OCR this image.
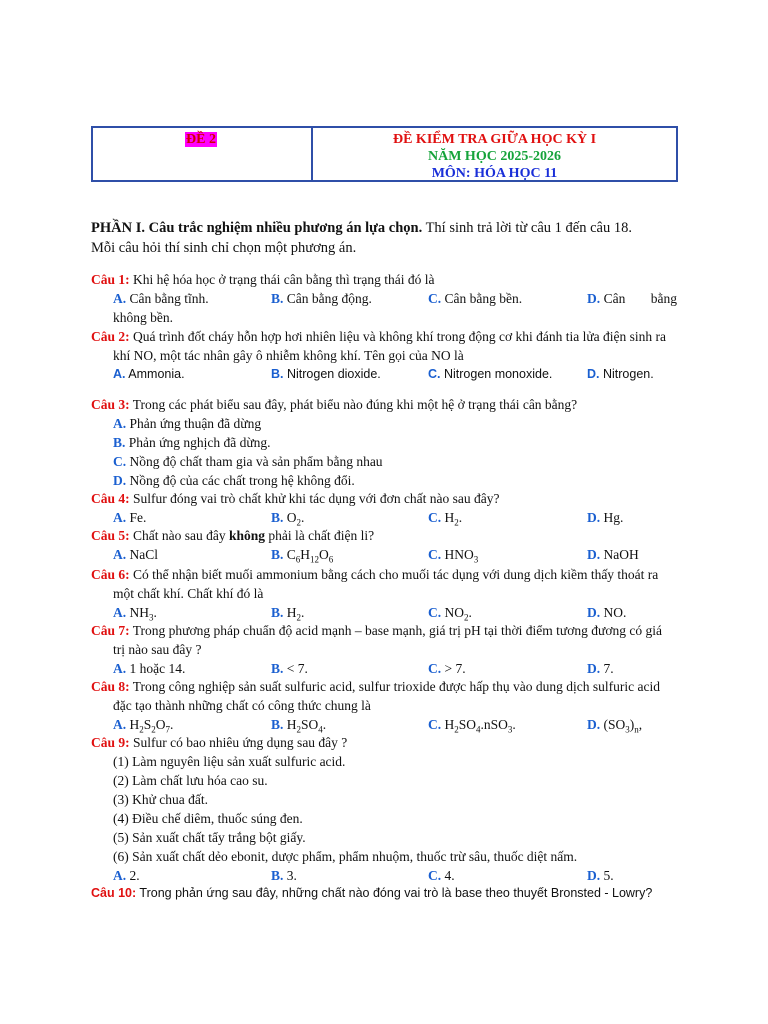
ĐỀ 2	ĐỀ KIỂM TRA GIỮA HỌC KỲ I
NĂM HỌC 2025-2026
MÔN: HÓA HỌC 11
PHẦN I. Câu trắc nghiệm nhiều phương án lựa chọn. Thí sinh trả lời từ câu 1 đến câu 18.
Mỗi câu hỏi thí sinh chỉ chọn một phương án.
Câu 1: Khi hệ hóa học ở trạng thái cân bằng thì trạng thái đó là
A. Cân bằng tĩnh.	B. Cân bằng động.	C. Cân bằng bền.	D. Cân bằng
không bền.
Câu 2: Quá trình đốt cháy hỗn hợp hơi nhiên liệu và không khí trong động cơ khi đánh tia lửa điện sinh ra
khí NO, một tác nhân gây ô nhiễm không khí. Tên gọi của NO là
A. Ammonia.	B. Nitrogen dioxide.	C. Nitrogen monoxide.	D. Nitrogen.
Câu 3: Trong các phát biểu sau đây, phát biểu nào đúng khi một hệ ở trạng thái cân bằng?
A. Phản ứng thuận đã dừng
B. Phản ứng nghịch đã dừng.
C. Nồng độ chất tham gia và sản phẩm bằng nhau
D. Nồng độ của các chất trong hệ không đổi.
Câu 4: Sulfur đóng vai trò chất khử khi tác dụng với đơn chất nào sau đây?
A. Fe.	B. $O_2$.	C. $H_2$.	D. Hg.
Câu 5: Chất nào sau đây không phải là chất điện li?
A. NaCl	B. $C_6H_{12}O_6$	C. $HNO_3$	D. NaOH
Câu 6: Có thể nhận biết muối ammonium bằng cách cho muối tác dụng với dung dịch kiềm thấy thoát ra
một chất khí. Chất khí đó là
A. $NH_3$.	B. $H_2$.	C. $NO_2$.	D. NO.
Câu 7: Trong phương pháp chuẩn độ acid mạnh – base mạnh, giá trị pH tại thời điểm tương đương có giá
trị nào sau đây ?
A. 1 hoặc 14.	B. < 7.	C. > 7.	D. 7.
Câu 8: Trong công nghiệp sản suất sulfuric acid, sulfur trioxide được hấp thụ vào dung dịch sulfuric acid
đặc tạo thành những chất có công thức chung là
A. $H_2S_2O_7$.	B. $H_2SO_4$.	C. $H_2SO_4.nSO_3$.	D. $(SO_3)_n$,
Câu 9: Sulfur có bao nhiêu ứng dụng sau đây ?
(1) Làm nguyên liệu sản xuất sulfuric acid.
(2) Làm chất lưu hóa cao su.
(3) Khử chua đất.
(4) Điều chế diêm, thuốc súng đen.
(5) Sản xuất chất tẩy trắng bột giấy.
(6) Sản xuất chất dẻo ebonit, dược phẩm, phẩm nhuộm, thuốc trừ sâu, thuốc diệt nấm.
A. 2.	B. 3.	C. 4.	D. 5.
Câu 10: Trong phản ứng sau đây, những chất nào đóng vai trò là base theo thuyết Bronsted - Lowry?
